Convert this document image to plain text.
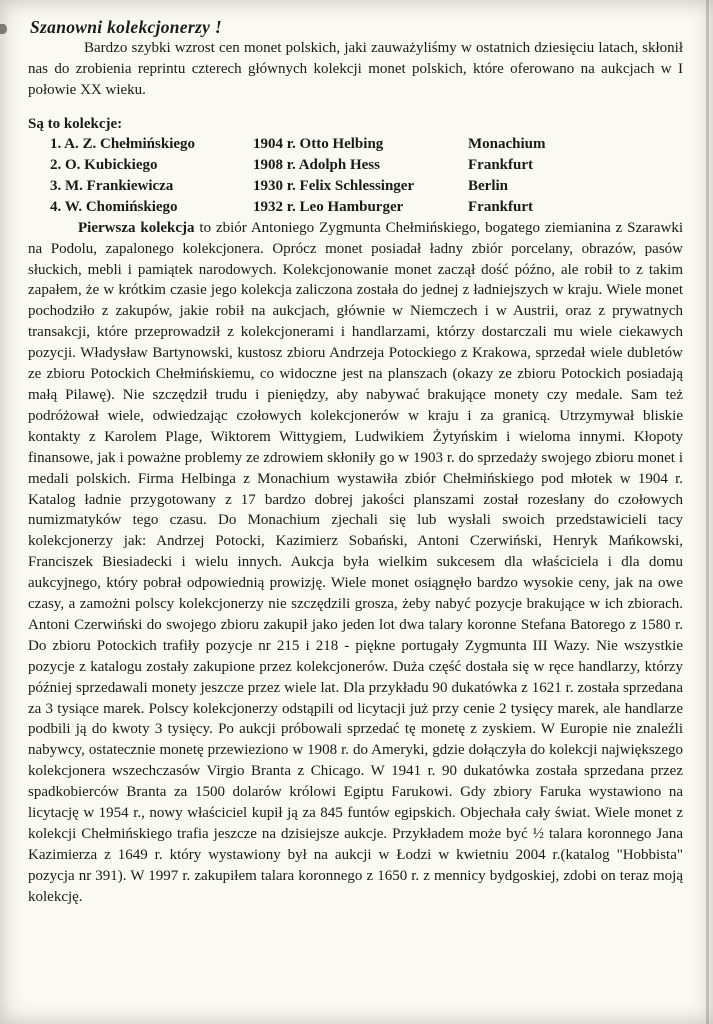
Szanowni kolekcjonerzy !

Bardzo szybki wzrost cen monet polskich, jaki zauważyliśmy w ostatnich dziesięciu latach, skłonił nas do zrobienia reprintu czterech głównych kolekcji monet polskich, które oferowano na aukcjach w I połowie XX wieku.

Są to kolekcje:
1. A. Z. Chełmińskiego	1904 r. Otto Helbing	Monachium
2. O. Kubickiego	1908 r. Adolph Hess	Frankfurt
3. M. Frankiewicza	1930 r. Felix Schlessinger	Berlin
4. W. Chomińskiego	1932 r. Leo Hamburger	Frankfurt

Pierwsza kolekcja to zbiór Antoniego Zygmunta Chełmińskiego, bogatego ziemianina z Szarawki na Podolu, zapalonego kolekcjonera. Oprócz monet posiadał ładny zbiór porcelany, obrazów, pasów słuckich, mebli i pamiątek narodowych. Kolekcjonowanie monet zaczął dość późno, ale robił to z takim zapałem, że w krótkim czasie jego kolekcja zaliczona została do jednej z ładniejszych w kraju. Wiele monet pochodziło z zakupów, jakie robił na aukcjach, głównie w Niemczech i w Austrii, oraz z prywatnych transakcji, które przeprowadził z kolekcjonerami i handlarzami, którzy dostarczali mu wiele ciekawych pozycji. Władysław Bartynowski, kustosz zbioru Andrzeja Potockiego z Krakowa, sprzedał wiele dubletów ze zbioru Potockich Chełmińskiemu, co widoczne jest na planszach (okazy ze zbioru Potockich posiadają małą Pilawę). Nie szczędził trudu i pieniędzy, aby nabywać brakujące monety czy medale. Sam też podróżował wiele, odwiedzając czołowych kolekcjonerów w kraju i za granicą. Utrzymywał bliskie kontakty z Karolem Plage, Wiktorem Wittygiem, Ludwikiem Żytyńskim i wieloma innymi. Kłopoty finansowe, jak i poważne problemy ze zdrowiem skłoniły go w 1903 r. do sprzedaży swojego zbioru monet i medali polskich. Firma Helbinga z Monachium wystawiła zbiór Chełmińskiego pod młotek w 1904 r. Katalog ładnie przygotowany z 17 bardzo dobrej jakości planszami został rozesłany do czołowych numizmatyków tego czasu. Do Monachium zjechali się lub wysłali swoich przedstawicieli tacy kolekcjonerzy jak: Andrzej Potocki, Kazimierz Sobański, Antoni Czerwiński, Henryk Mańkowski, Franciszek Biesiadecki i wielu innych. Aukcja była wielkim sukcesem dla właściciela i dla domu aukcyjnego, który pobrał odpowiednią prowizję. Wiele monet osiągnęło bardzo wysokie ceny, jak na owe czasy, a zamożni polscy kolekcjonerzy nie szczędzili grosza, żeby nabyć pozycje brakujące w ich zbiorach. Antoni Czerwiński do swojego zbioru zakupił jako jeden lot dwa talary koronne Stefana Batorego z 1580 r. Do zbioru Potockich trafiły pozycje nr 215 i 218 - piękne portugały Zygmunta III Wazy. Nie wszystkie pozycje z katalogu zostały zakupione przez kolekcjonerów. Duża część dostała się w ręce handlarzy, którzy później sprzedawali monety jeszcze przez wiele lat. Dla przykładu 90 dukatówka z 1621 r. została sprzedana za 3 tysiące marek. Polscy kolekcjonerzy odstąpili od licytacji już przy cenie 2 tysięcy marek, ale handlarze podbili ją do kwoty 3 tysięcy. Po aukcji próbowali sprzedać tę monetę z zyskiem. W Europie nie znaleźli nabywcy, ostatecznie monetę przewieziono w 1908 r. do Ameryki, gdzie dołączyła do kolekcji największego kolekcjonera wszechczasów Virgio Branta z Chicago. W 1941 r. 90 dukatówka została sprzedana przez spadkobierców Branta za 1500 dolarów królowi Egiptu Farukowi. Gdy zbiory Faruka wystawiono na licytację w 1954 r., nowy właściciel kupił ją za 845 funtów egipskich. Objechała cały świat. Wiele monet z kolekcji Chełmińskiego trafia jeszcze na dzisiejsze aukcje. Przykładem może być ½ talara koronnego Jana Kazimierza z 1649 r. który wystawiony był na aukcji w Łodzi w kwietniu 2004 r.(katalog "Hobbista" pozycja nr 391). W 1997 r. zakupiłem talara koronnego z 1650 r. z mennicy bydgoskiej, zdobi on teraz moją kolekcję.
